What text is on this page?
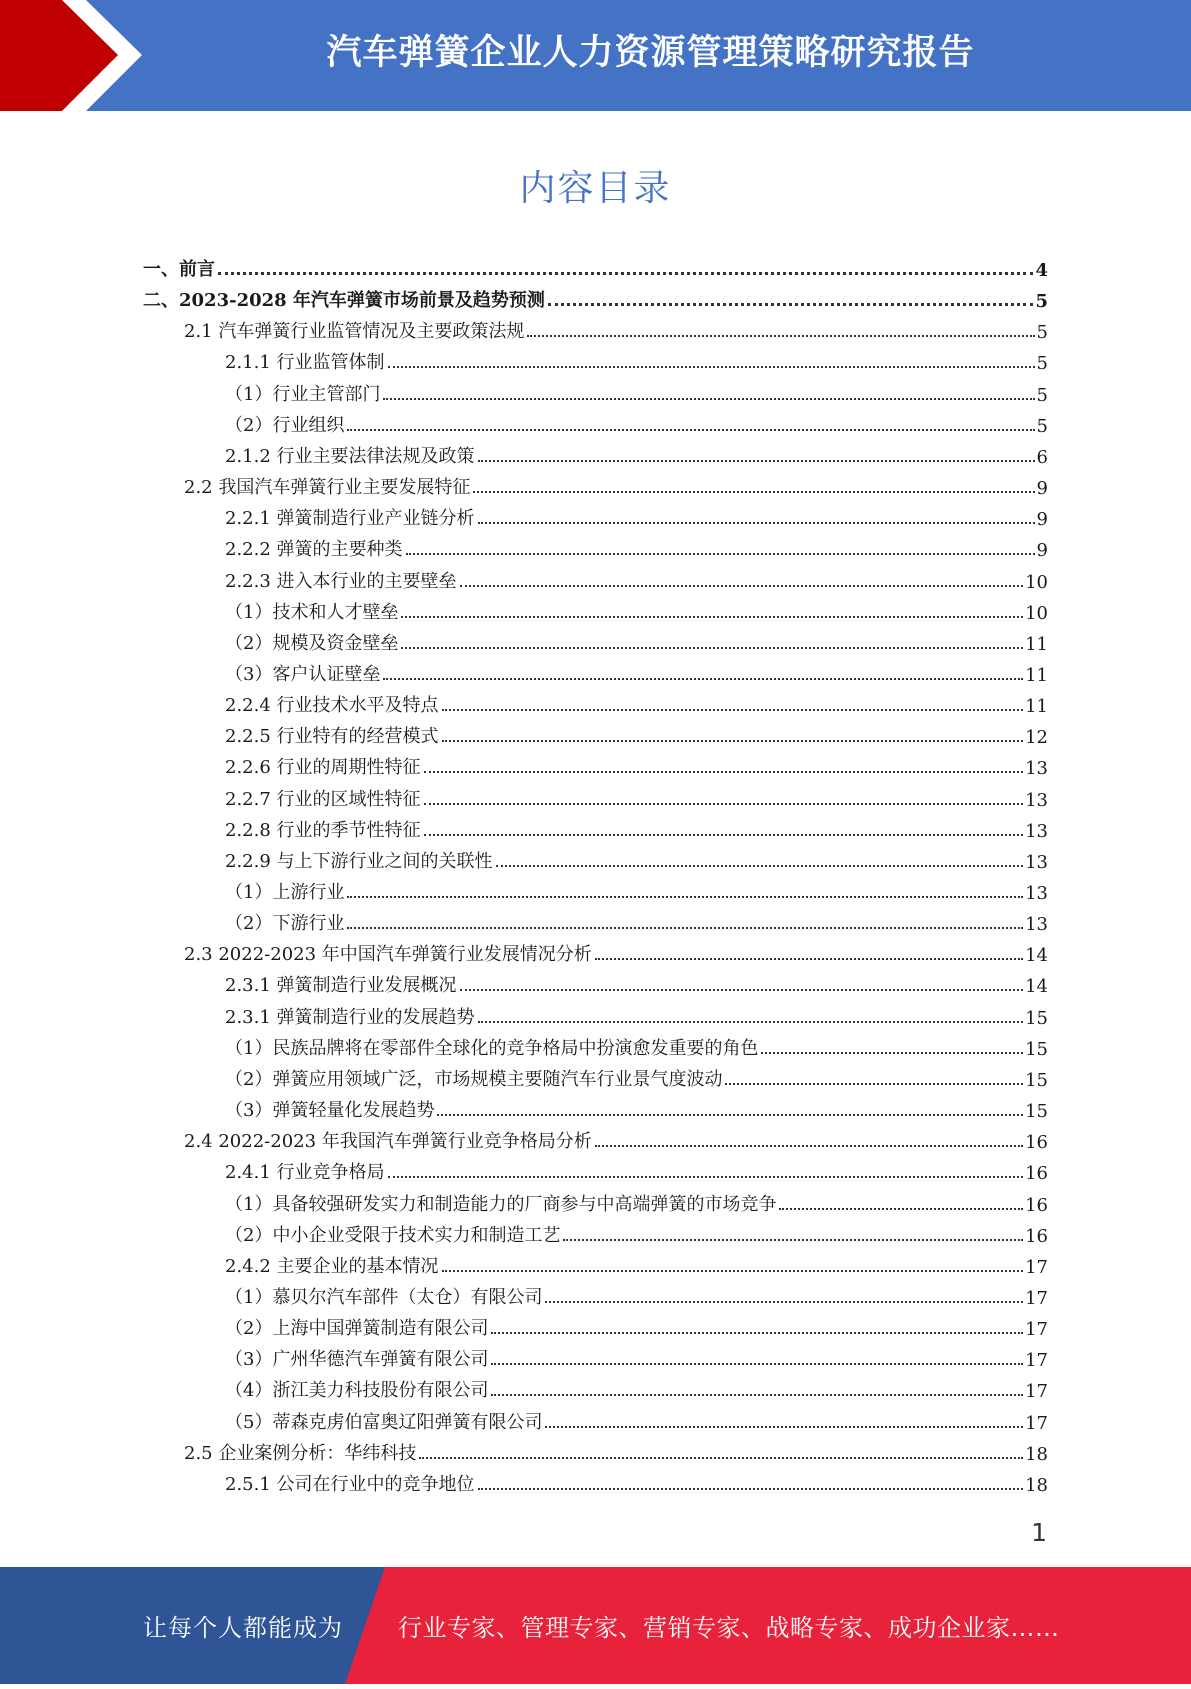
汽车弹簧企业人力资源管理策略研究报告
内容目录
一、前言	4
二、2023-2028 年汽车弹簧市场前景及趋势预测	5
2.1 汽车弹簧行业监管情况及主要政策法规	5
2.1.1 行业监管体制	5
（1）行业主管部门	5
（2）行业组织	5
2.1.2 行业主要法律法规及政策	6
2.2 我国汽车弹簧行业主要发展特征	9
2.2.1 弹簧制造行业产业链分析	9
2.2.2 弹簧的主要种类	9
2.2.3 进入本行业的主要壁垒	10
（1）技术和人才壁垒	10
（2）规模及资金壁垒	11
（3）客户认证壁垒	11
2.2.4 行业技术水平及特点	11
2.2.5 行业特有的经营模式	12
2.2.6 行业的周期性特征	13
2.2.7 行业的区域性特征	13
2.2.8 行业的季节性特征	13
2.2.9 与上下游行业之间的关联性	13
（1）上游行业	13
（2）下游行业	13
2.3 2022-2023 年中国汽车弹簧行业发展情况分析	14
2.3.1 弹簧制造行业发展概况	14
2.3.1 弹簧制造行业的发展趋势	15
（1）民族品牌将在零部件全球化的竞争格局中扮演愈发重要的角色	15
（2）弹簧应用领域广泛，市场规模主要随汽车行业景气度波动	15
（3）弹簧轻量化发展趋势	15
2.4 2022-2023 年我国汽车弹簧行业竞争格局分析	16
2.4.1 行业竞争格局	16
（1）具备较强研发实力和制造能力的厂商参与中高端弹簧的市场竞争	16
（2）中小企业受限于技术实力和制造工艺	16
2.4.2 主要企业的基本情况	17
（1）慕贝尔汽车部件（太仓）有限公司	17
（2）上海中国弹簧制造有限公司	17
（3）广州华德汽车弹簧有限公司	17
（4）浙江美力科技股份有限公司	17
（5）蒂森克虏伯富奥辽阳弹簧有限公司	17
2.5 企业案例分析：华纬科技	18
2.5.1 公司在行业中的竞争地位	18
1
让每个人都能成为 行业专家、管理专家、营销专家、战略专家、成功企业家……
